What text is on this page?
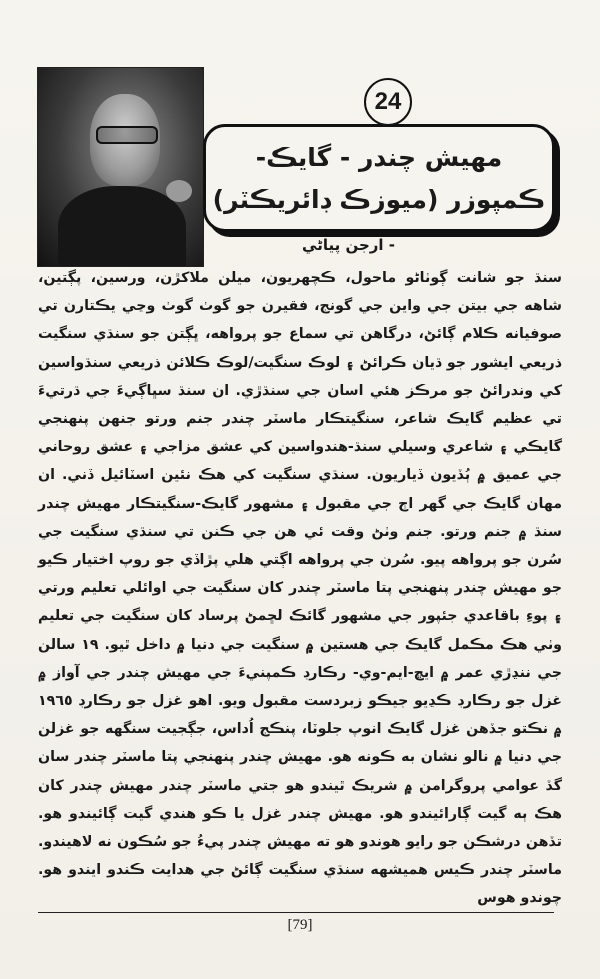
24
مهيش چندر - گايڪ-
ڪمپوزر (ميوزڪ ڊائريڪٽر)
- ارجن پياڻي

سنڌ جو شانت ڳوٺاڻو ماحول، ڪچهريون، ميلن ملاکڙن، ورسين، پڳتين، شاهه جي بيتن جي واين جي گونج، فقيرن جو گوٺ گوٺ وڃي يڪتارن تي صوفيانه ڪلام ڳائڻ، درگاهن تي سماع جو پرواهه، ڀڳتن جو سنڌي سنگيت ذريعي ايشور جو ڌيان ڪرائڻ ۽ لوڪ سنگيت/لوڪ ڪلائن ذريعي سنڌواسين کي وندرائڻ جو مرڪز هئي اسان جي سنڌڙي. ان سنڌ سڀاڳيءَ جي ڌرتيءَ تي عظيم گايڪ شاعر، سنگيتڪار ماسٽر چندر جنم ورتو جنهن پنهنجي گايڪي ۽ شاعري وسيلي سنڌ-هندواسين کي عشق مزاجي ۽ عشق روحاني جي عميق ۾ ٻُڏيون ڏياريون. سنڌي سنگيت کي هڪ نئين اسٽائيل ڏني. ان مهان گايڪ جي گهر اڄ جي مقبول ۽ مشهور گايڪ-سنگيتڪار مهيش چندر سنڌ ۾ جنم ورتو. جنم وٺڻ وقت ئي هن جي ڪنن تي سنڌي سنگيت جي سُرن جو پرواهه پيو. سُرن جي پرواهه اڳتي هلي پڙاڏي جو روپ اختيار ڪيو جو مهيش چندر پنهنجي پتا ماسٽر چندر کان سنگيت جي اوائلي تعليم ورتي ۽ پوءِ باقاعدي جئپور جي مشهور گائڪ لڇمڻ پرساد کان سنگيت جي تعليم وٺي هڪ مڪمل گايڪ جي هستين ۾ سنگيت جي دنيا ۾ داخل ٿيو. ١٩ سالن جي ننڍڙي عمر ۾ ايڇ-ايم-وي- رڪارڊ ڪمپنيءَ جي مهيش چندر جي آواز ۾ غزل جو رڪارڊ ڪڍيو جيڪو زبردست مقبول ويو. اهو غزل جو رڪارڊ ١٩٦٥ ۾ نڪتو جڏهن غزل گايڪ انوپ جلوٽا، پنڪج اُداس، جڳجيت سنگهه جو غزلن جي دنيا ۾ نالو نشان به ڪونه هو. مهيش چندر پنهنجي پتا ماسٽر چندر سان گڏ عوامي پروگرامن ۾ شريڪ ٿيندو هو جتي ماسٽر چندر مهيش چندر کان هڪ ٻه گيت ڳارائيندو هو. مهيش چندر غزل يا ڪو هندي گيت ڳائيندو هو. تڏهن درشڪن جو رايو هوندو هو ته مهيش چندر پيءُ جو سُڪون نه لاهيندو. ماسٽر چندر ڪيس هميشهه سنڌي سنگيت ڳائڻ جي هدايت ڪندو ايندو هو. چوندو هوس

[79]
